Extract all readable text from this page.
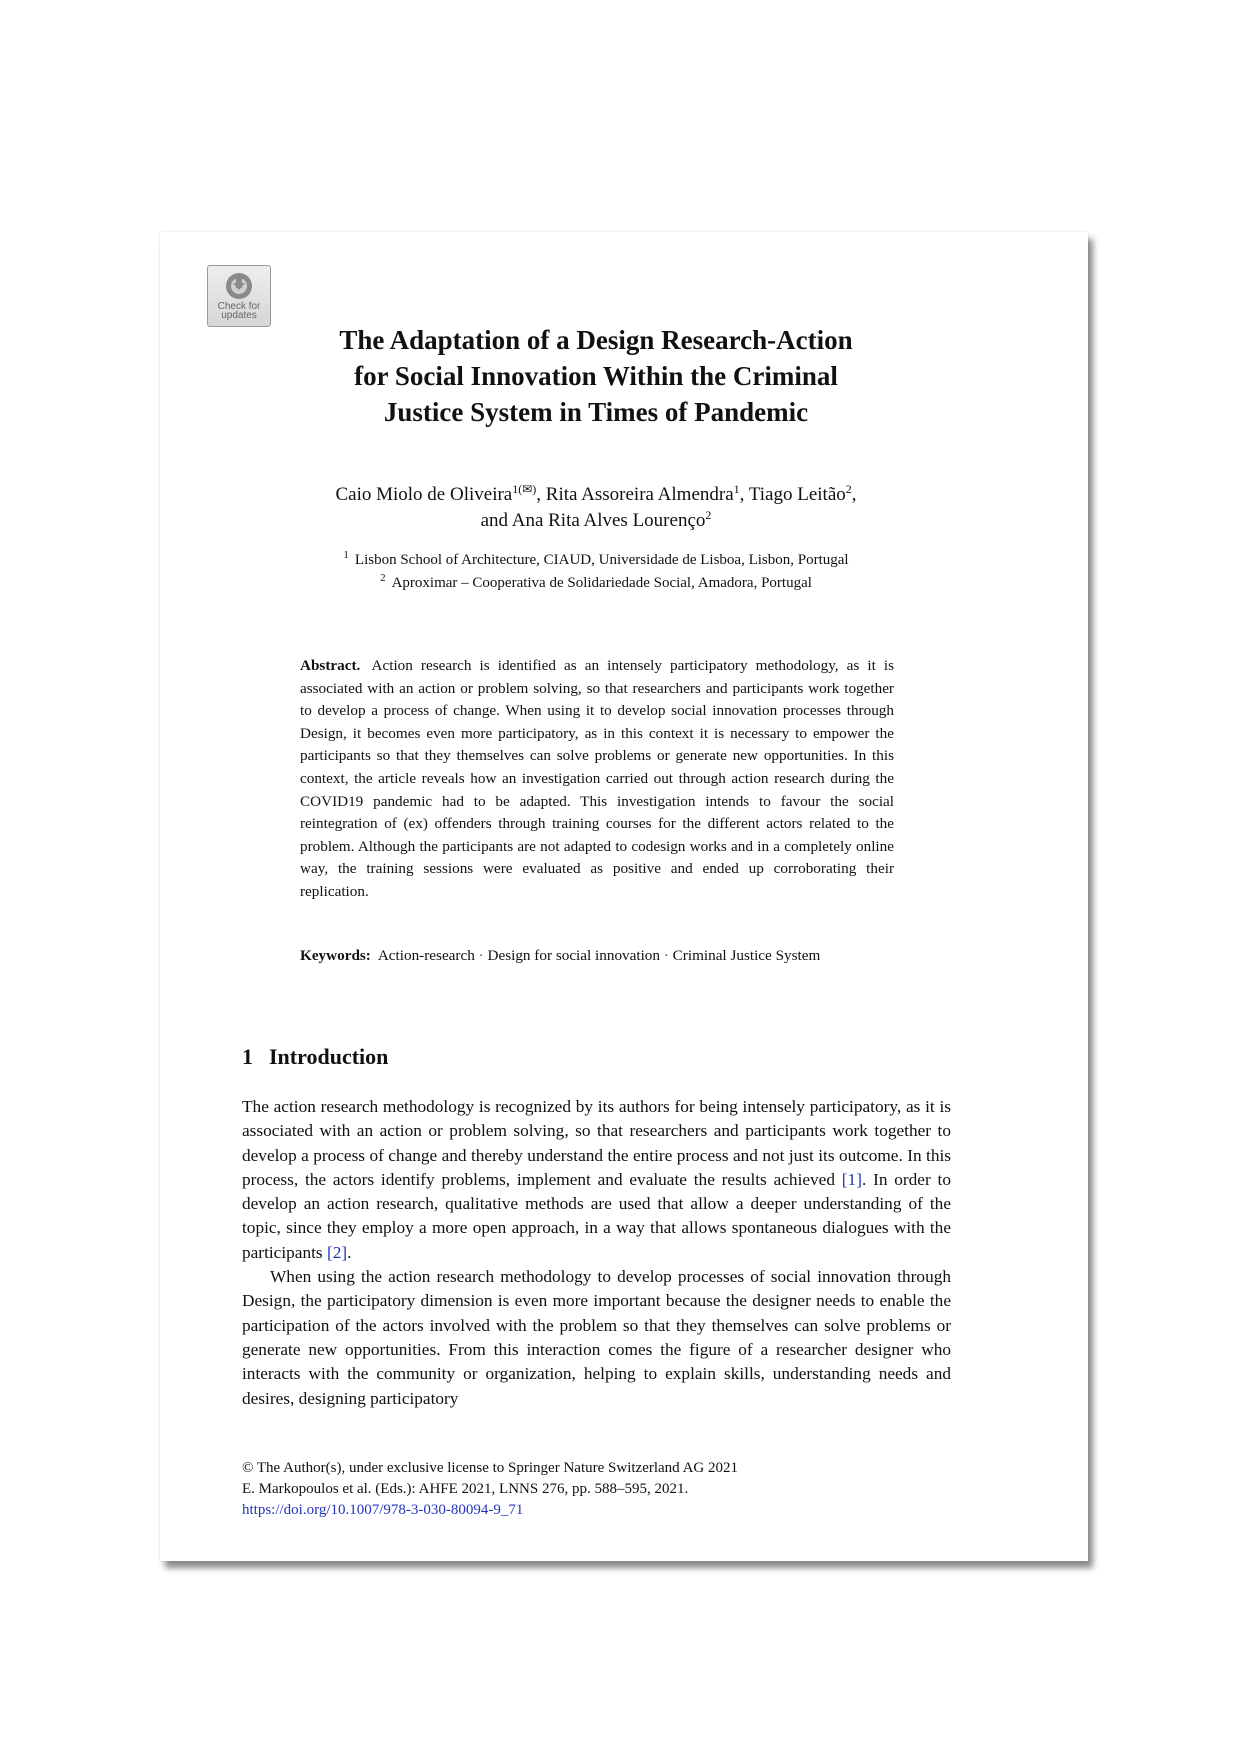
Check for
updates
The Adaptation of a Design Research-Action
for Social Innovation Within the Criminal
Justice System in Times of Pandemic
Caio Miolo de Oliveira$^{1(✉)}$, Rita Assoreira Almendra$^1$, Tiago Leitão$^2$,
and Ana Rita Alves Lourenço$^2$
$^1$ Lisbon School of Architecture, CIAUD, Universidade de Lisboa, Lisbon, Portugal
$^2$ Aproximar – Cooperativa de Solidariedade Social, Amadora, Portugal

Abstract. Action research is identified as an intensely participatory methodology, as it is associated with an action or problem solving, so that researchers and participants work together to develop a process of change. When using it to develop social innovation processes through Design, it becomes even more participatory, as in this context it is necessary to empower the participants so that they themselves can solve problems or generate new opportunities. In this context, the article reveals how an investigation carried out through action research during the COVID19 pandemic had to be adapted. This investigation intends to favour the social reintegration of (ex) offenders through training courses for the different actors related to the problem. Although the participants are not adapted to codesign works and in a completely online way, the training sessions were evaluated as positive and ended up corroborating their replication.

Keywords: Action-research · Design for social innovation · Criminal Justice System

1 Introduction

The action research methodology is recognized by its authors for being intensely participatory, as it is associated with an action or problem solving, so that researchers and participants work together to develop a process of change and thereby understand the entire process and not just its outcome. In this process, the actors identify problems, implement and evaluate the results achieved [1]. In order to develop an action research, qualitative methods are used that allow a deeper understanding of the topic, since they employ a more open approach, in a way that allows spontaneous dialogues with the participants [2].
When using the action research methodology to develop processes of social innovation through Design, the participatory dimension is even more important because the designer needs to enable the participation of the actors involved with the problem so that they themselves can solve problems or generate new opportunities. From this interaction comes the figure of a researcher designer who interacts with the community or organization, helping to explain skills, understanding needs and desires, designing participatory

© The Author(s), under exclusive license to Springer Nature Switzerland AG 2021
E. Markopoulos et al. (Eds.): AHFE 2021, LNNS 276, pp. 588–595, 2021.
https://doi.org/10.1007/978-3-030-80094-9_71
